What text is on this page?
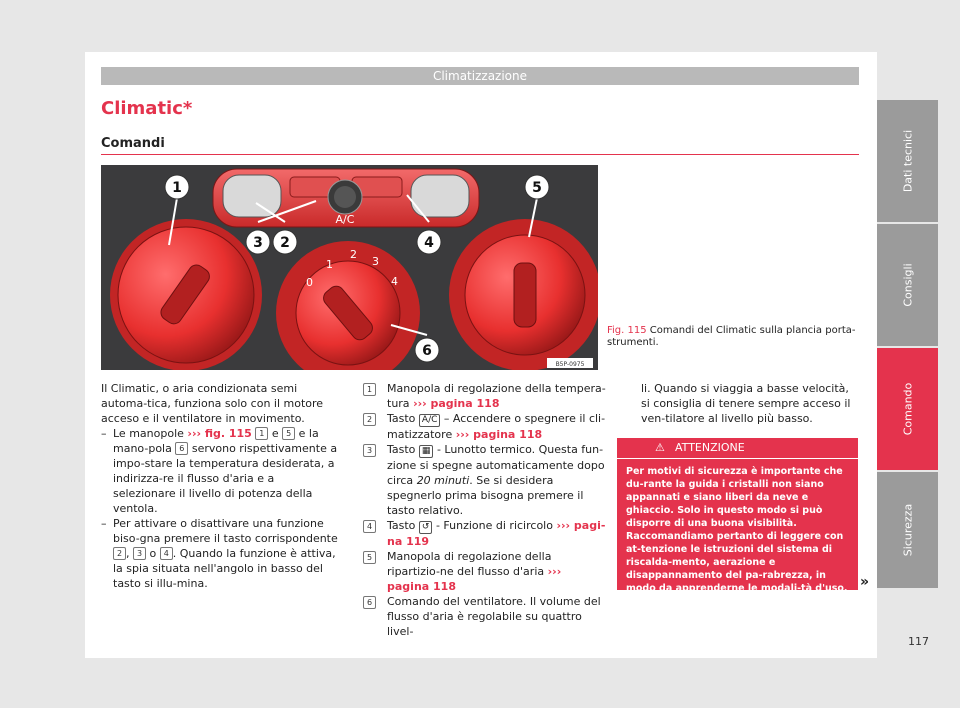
Climatizzazione
Climatic*
Comandi
A/C
0
1
2
3
4
1
2
3	4
5
6
B5P-0975
Fig. 115 Comandi del Climatic sulla plancia porta-strumenti.
Dati tecnici
Consigli
Comando
Sicurezza

Il Climatic, o aria condizionata semi automa-tica, funziona solo con il motore acceso e il ventilatore in movimento.

– Le manopole ››› fig. 115 1 e 5 e la mano-pola 6 servono rispettivamente a impo-stare la temperatura desiderata, a indirizza-re il flusso d'aria e a selezionare il livello di potenza della ventola.

– Per attivare o disattivare una funzione biso-gna premere il tasto corrispondente 2 , 3 o 4 . Quando la funzione è attiva, la spia situata nell'angolo in basso del tasto si illu-mina.

1	Manopola di regolazione della tempera-tura ››› pagina 118

2	Tasto A/C – Accendere o spegnere il cli-matizzatore ››› pagina 118

3	Tasto ▦ - Lunotto termico. Questa fun-zione si spegne automaticamente dopo circa 20 minuti. Se si desidera spegnerlo prima bisogna premere il tasto relativo.

4	Tasto ↺ - Funzione di ricircolo ››› pagi-na 119

5	Manopola di regolazione della ripartizio-ne del flusso d'aria ››› pagina 118

6	Comando del ventilatore. Il volume del flusso d'aria è regolabile su quattro livel-

li. Quando si viaggia a basse velocità, si consiglia di tenere sempre acceso il ven-tilatore al livello più basso.

⚠ ATTENZIONE
Per motivi di sicurezza è importante che du-rante la guida i cristalli non siano appannati e siano liberi da neve e ghiaccio. Solo in questo modo si può disporre di una buona visibilità. Raccomandiamo pertanto di leggere con at-tenzione le istruzioni del sistema di riscalda-mento, aerazione e disappannamento del pa-rabrezza, in modo da apprenderne le modali-tà d'uso. »
117
